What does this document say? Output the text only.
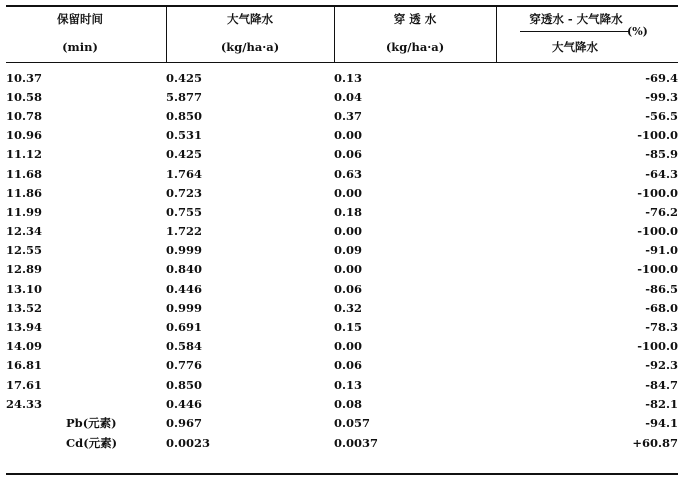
保留时间
(min)
大气降水
(kg/ha·a)
穿 透 水
(kg/ha·a)
穿透水 - 大气降水
(%)
大气降水
10.37	0.425	0.13	-69.4
10.58	5.877	0.04	-99.3
10.78	0.850	0.37	-56.5
10.96	0.531	0.00	-100.0
11.12	0.425	0.06	-85.9
11.68	1.764	0.63	-64.3
11.86	0.723	0.00	-100.0
11.99	0.755	0.18	-76.2
12.34	1.722	0.00	-100.0
12.55	0.999	0.09	-91.0
12.89	0.840	0.00	-100.0
13.10	0.446	0.06	-86.5
13.52	0.999	0.32	-68.0
13.94	0.691	0.15	-78.3
14.09	0.584	0.00	-100.0
16.81	0.776	0.06	-92.3
17.61	0.850	0.13	-84.7
24.33	0.446	0.08	-82.1
Pb(元素)	0.967	0.057	-94.1
Cd(元素)	0.0023	0.0037	+60.87
